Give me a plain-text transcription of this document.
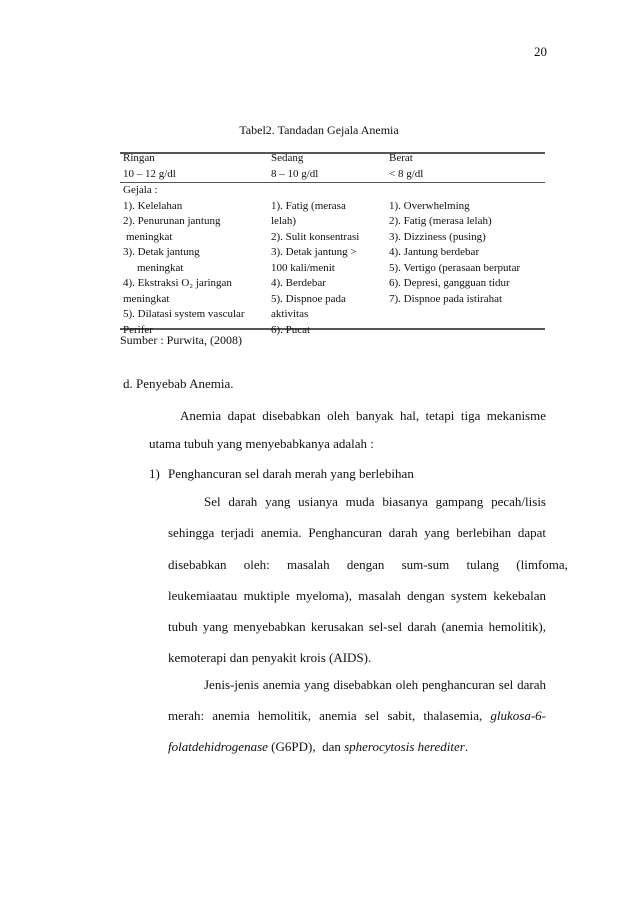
20
Tabel2. Tandadan Gejala Anemia
Ringan
10 – 12 g/dl
Sedang
8 – 10 g/dl
Berat
< 8 g/dl
Gejala :
1). Kelelahan
2). Penurunan jantung
meningkat
3). Detak jantung
meningkat
4). Ekstraksi O₂ jaringan
meningkat
5). Dilatasi system vascular
Perifer
1). Fatig (merasa
lelah)
2). Sulit konsentrasi
3). Detak jantung >
100 kali/menit
4). Berdebar
5). Dispnoe pada
aktivitas
6). Pucat
1). Overwhelming
2). Fatig (merasa lelah)
3). Dizziness (pusing)
4). Jantung berdebar
5). Vertigo (perasaan berputar
6). Depresi, gangguan tidur
7). Dispnoe pada istirahat
Sumber : Purwita, (2008)
d. Penyebab Anemia.
Anemia dapat disebabkan oleh banyak hal, tetapi tiga mekanisme
utama tubuh yang menyebabkanya adalah :
1) Penghancuran sel darah merah yang berlebihan
Sel darah yang usianya muda biasanya gampang pecah/lisis
sehingga terjadi anemia. Penghancuran darah yang berlebihan dapat
disebabkan oleh: masalah dengan sum-sum tulang (limfoma,
leukemiaatau muktiple myeloma), masalah dengan system kekebalan
tubuh yang menyebabkan kerusakan sel-sel darah (anemia hemolitik),
kemoterapi dan penyakit krois (AIDS).
Jenis-jenis anemia yang disebabkan oleh penghancuran sel darah
merah: anemia hemolitik, anemia sel sabit, thalasemia, glukosa-6-
folatdehidrogenase (G6PD),  dan spherocytosis herediter.
